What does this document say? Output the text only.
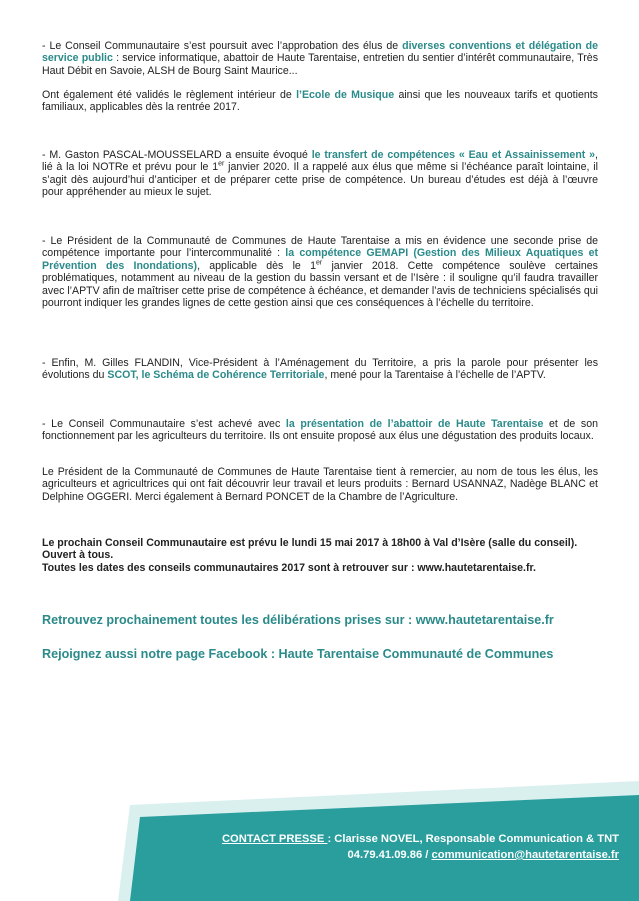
- Le Conseil Communautaire s’est poursuit avec l’approbation des élus de diverses conventions et délégation de service public : service informatique, abattoir de Haute Tarentaise, entretien du sentier d’intérêt communautaire, Très Haut Débit en Savoie, ALSH de Bourg Saint Maurice...

Ont également été validés le règlement intérieur de l’Ecole de Musique ainsi que les nouveaux tarifs et quotients familiaux, applicables dès la rentrée 2017.

- M. Gaston PASCAL-MOUSSELARD a ensuite évoqué le transfert de compétences « Eau et Assainissement », lié à la loi NOTRe et prévu pour le 1er janvier 2020. Il a rappelé aux élus que même si l’échéance paraît lointaine, il s’agit dès aujourd’hui d’anticiper et de préparer cette prise de compétence. Un bureau d’études est déjà à l’œuvre pour appréhender au mieux le sujet.

- Le Président de la Communauté de Communes de Haute Tarentaise a mis en évidence une seconde prise de compétence importante pour l’intercommunalité : la compétence GEMAPI (Gestion des Milieux Aquatiques et Prévention des Inondations), applicable dès le 1er janvier 2018. Cette compétence soulève certaines problématiques, notamment au niveau de la gestion du bassin versant et de l’Isère : il souligne qu’il faudra travailler avec l’APTV afin de maîtriser cette prise de compétence à échéance, et demander l’avis de techniciens spécialisés qui pourront indiquer les grandes lignes de cette gestion ainsi que ces conséquences à l’échelle du territoire.

- Enfin, M. Gilles FLANDIN, Vice-Président à l’Aménagement du Territoire, a pris la parole pour présenter les évolutions du SCOT, le Schéma de Cohérence Territoriale, mené pour la Tarentaise à l’échelle de l’APTV.

- Le Conseil Communautaire s’est achevé avec la présentation de l’abattoir de Haute Tarentaise et de son fonctionnement par les agriculteurs du territoire. Ils ont ensuite proposé aux élus une dégustation des produits locaux.

Le Président de la Communauté de Communes de Haute Tarentaise tient à remercier, au nom de tous les élus, les agriculteurs et agricultrices qui ont fait découvrir leur travail et leurs produits : Bernard USANNAZ, Nadège BLANC et Delphine OGGERI. Merci également à Bernard PONCET de la Chambre de l’Agriculture.

Le prochain Conseil Communautaire est prévu le lundi 15 mai 2017 à 18h00 à Val d’Isère (salle du conseil).
Ouvert à tous.
Toutes les dates des conseils communautaires 2017 sont à retrouver sur : www.hautetarentaise.fr.

Retrouvez prochainement toutes les délibérations prises sur : www.hautetarentaise.fr

Rejoignez aussi notre page Facebook : Haute Tarentaise Communauté de Communes

CONTACT PRESSE : Clarisse NOVEL, Responsable Communication & TNT
04.79.41.09.86 / communication@hautetarentaise.fr
